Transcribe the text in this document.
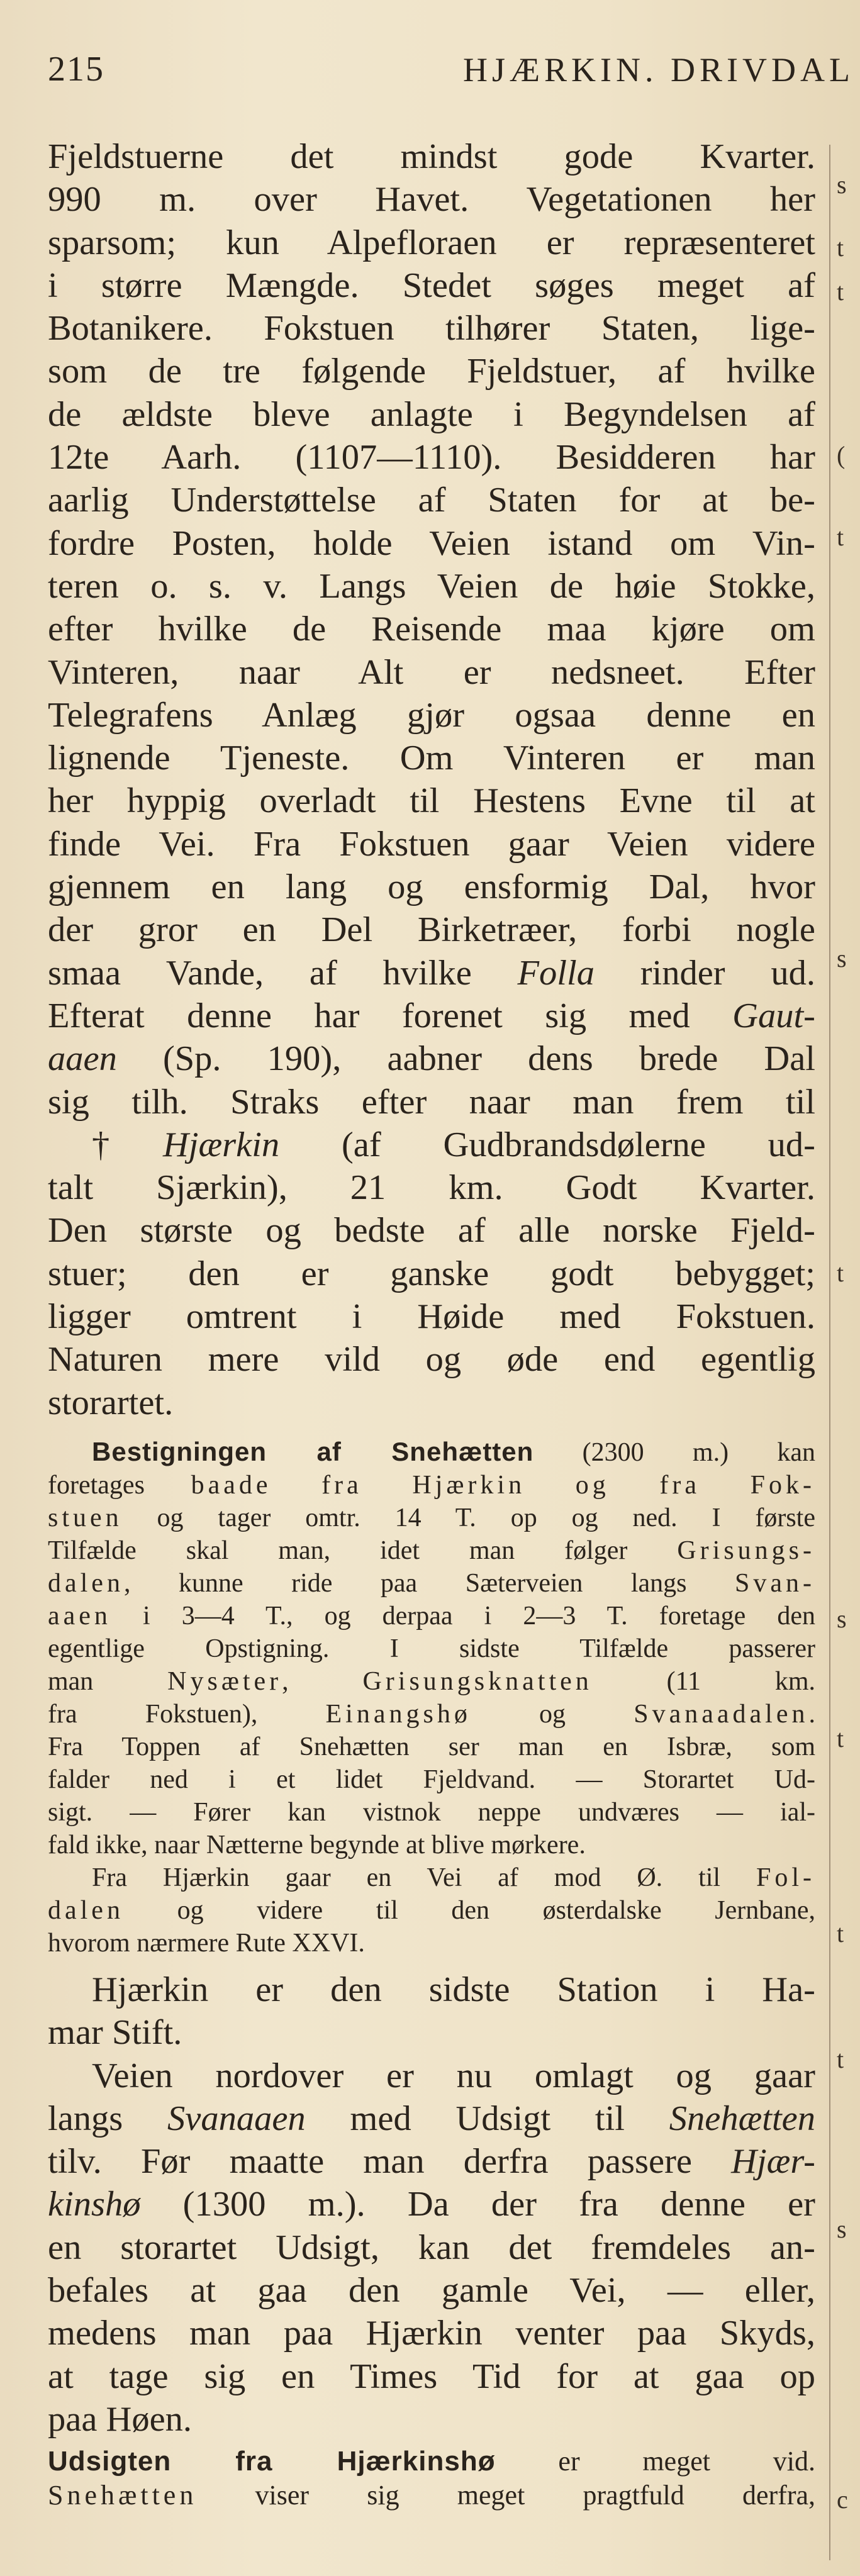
215	HJÆRKIN. DRIVDAL

Fjeldstuerne det mindst gode Kvarter.

990 m. over Havet. Vegetationen her

sparsom; kun Alpefloraen er repræsenteret

i større Mængde. Stedet søges meget af

Botanikere. Fokstuen tilhører Staten, lige-

som de tre følgende Fjeldstuer, af hvilke

de ældste bleve anlagte i Begyndelsen af

12te Aarh. (1107—1110). Besidderen har

aarlig Understøttelse af Staten for at be-

fordre Posten, holde Veien istand om Vin-

teren o. s. v. Langs Veien de høie Stokke,

efter hvilke de Reisende maa kjøre om

Vinteren, naar Alt er nedsneet. Efter

Telegrafens Anlæg gjør ogsaa denne en

lignende Tjeneste. Om Vinteren er man

her hyppig overladt til Hestens Evne til at

finde Vei. Fra Fokstuen gaar Veien videre

gjennem en lang og ensformig Dal, hvor

der gror en Del Birketræer, forbi nogle

smaa Vande, af hvilke Folla rinder ud.

Efterat denne har forenet sig med Gaut-

aaen (Sp. 190), aabner dens brede Dal

sig tilh. Straks efter naar man frem til

†Hjærkin (af Gudbrandsdølerne ud-

talt Sjærkin), 21 km. Godt Kvarter.

Den største og bedste af alle norske Fjeld-

stuer; den er ganske godt bebygget;

ligger omtrent i Høide med Fokstuen.

Naturen mere vild og øde end egentlig

storartet.

Bestigningen af Snehætten (2300 m.) kan

foretages baade fra Hjærkin og fra Fok-

stuen og tager omtr. 14 T. op og ned. I første

Tilfælde skal man, idet man følger Grisungs-

dalen, kunne ride paa Sæterveien langs Svan-

aaen i 3—4 T., og derpaa i 2—3 T. foretage den

egentlige Opstigning. I sidste Tilfælde passerer

man Nysæter, Grisungsknatten (11 km.

fra Fokstuen), Einangshø og Svanaadalen.

Fra Toppen af Snehætten ser man en Isbræ, som

falder ned i et lidet Fjeldvand. — Storartet Ud-

sigt. — Fører kan vistnok neppe undværes — ial-

fald ikke, naar Nætterne begynde at blive mørkere.

Fra Hjærkin gaar en Vei af mod Ø. til Fol-

dalen og videre til den østerdalske Jernbane,

hvorom nærmere Rute XXVI.

Hjærkin er den sidste Station i Ha-

mar Stift.

Veien nordover er nu omlagt og gaar

langs Svanaaen med Udsigt til Snehætten

tilv. Før maatte man derfra passere Hjær-

kinshø (1300 m.). Da der fra denne er

en storartet Udsigt, kan det fremdeles an-

befales at gaa den gamle Vei, — eller,

medens man paa Hjærkin venter paa Skyds,

at tage sig en Times Tid for at gaa op

paa Høen.

Udsigten fra Hjærkinshø er meget vid.

Snehætten viser sig meget pragtfuld derfra,

s
t
t
(
t
s
t
s
t
t
t
s
c
